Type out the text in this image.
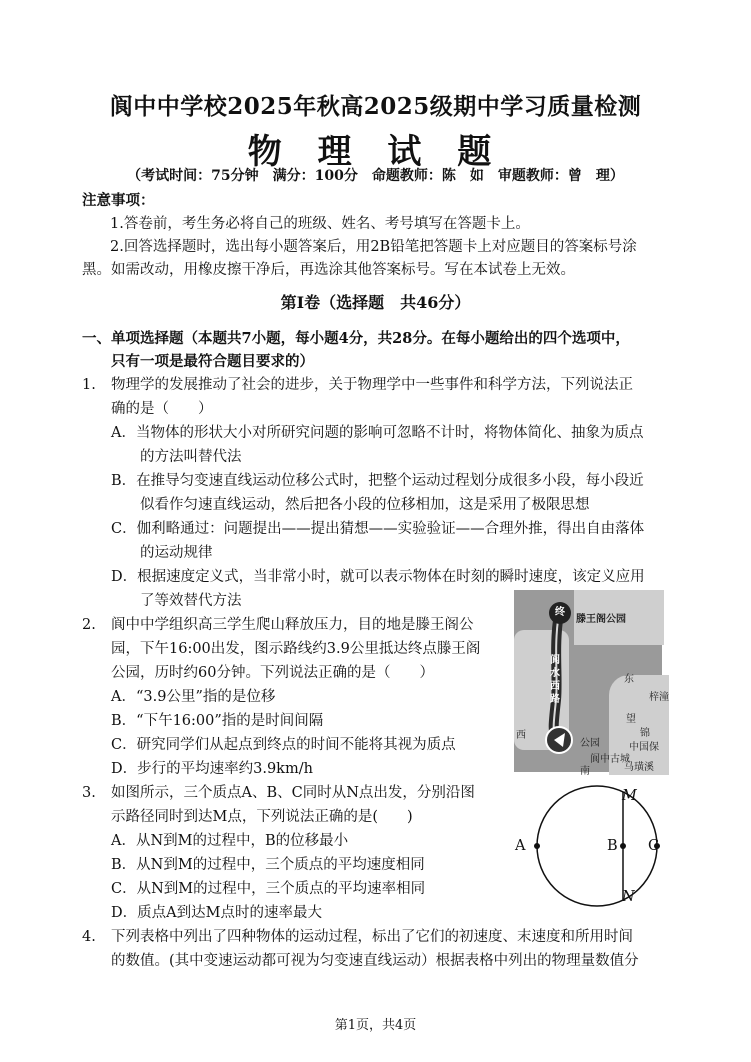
阆中中学校2025年秋高2025级期中学习质量检测
物 理 试 题
（考试时间：75分钟　满分：100分　命题教师：陈　如　审题教师：曾　理）
注意事项：
1.答卷前，考生务必将自己的班级、姓名、考号填写在答题卡上。
2.回答选择题时，选出每小题答案后，用2B铅笔把答题卡上对应题目的答案标号涂
黑。如需改动，用橡皮擦干净后，再选涂其他答案标号。写在本试卷上无效。
第Ⅰ卷（选择题　共46分）
一、单项选择题（本题共7小题，每小题4分，共28分。在每小题给出的四个选项中，
只有一项是最符合题目要求的）
1. 物理学的发展推动了社会的进步，关于物理学中一些事件和科学方法，下列说法正
确的是（　　）
A．当物体的形状大小对所研究问题的影响可忽略不计时，将物体简化、抽象为质点
的方法叫替代法
B．在推导匀变速直线运动位移公式时，把整个运动过程划分成很多小段，每小段近
似看作匀速直线运动，然后把各小段的位移相加，这是采用了极限思想
C．伽利略通过：问题提出——提出猜想——实验验证——合理外推，得出自由落体
的运动规律
D．根据速度定义式，当非常小时，就可以表示物体在时刻的瞬时速度，该定义应用
了等效替代方法
2. 阆中中学组织高三学生爬山释放压力，目的地是滕王阁公
园，下午16:00出发，图示路线约3.9公里抵达终点滕王阁
公园，历时约60分钟。下列说法正确的是（　　）
A．“3.9公里”指的是位移
B．“下午16:00”指的是时间间隔
C．研究同学们从起点到终点的时间不能将其视为质点
D．步行的平均速率约3.9km/h
终
滕王阁公园
阆水西路
东
梓潼
中国保
西
阆中古城
马璜溪
南
望
锦
公园
3. 如图所示，三个质点A、B、C同时从N点出发，分别沿图
示路径同时到达M点，下列说法正确的是(　　)
A．从N到M的过程中，B的位移最小
B．从N到M的过程中，三个质点的平均速度相同
C．从N到M的过程中，三个质点的平均速率相同
D．质点A到达M点时的速率最大
M
N
A	B C
4. 下列表格中列出了四种物体的运动过程，标出了它们的初速度、末速度和所用时间
的数值。(其中变速运动都可视为匀变速直线运动）根据表格中列出的物理量数值分
第1页，共4页
